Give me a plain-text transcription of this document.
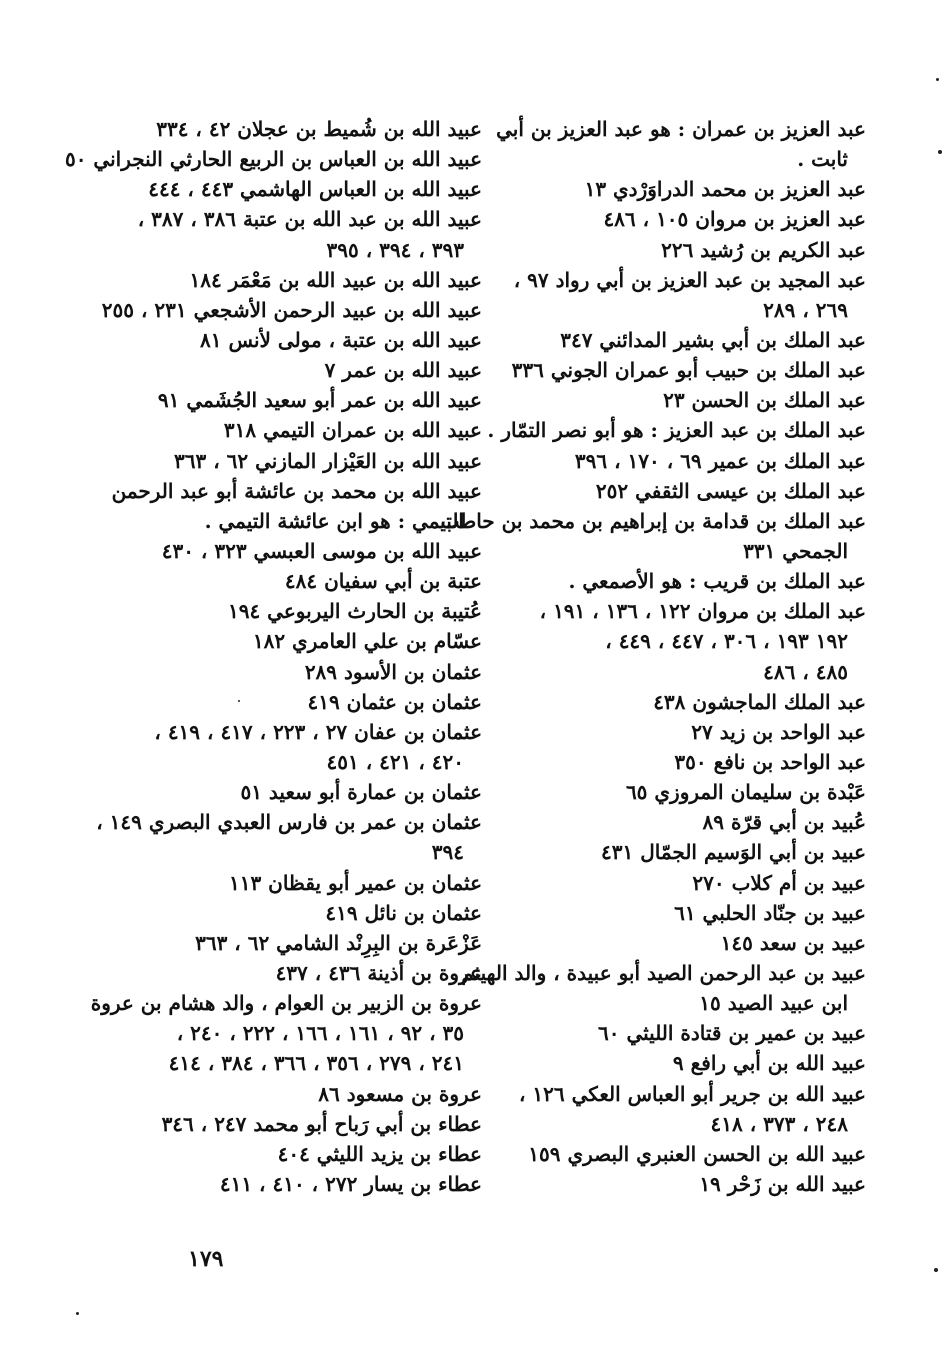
عبد العزيز بن عمران : هو عبد العزيز بن أبي
ثابت .
عبد العزيز بن محمد الدراوَرْدي ١٣
عبد العزيز بن مروان ١٠٥ ، ٤٨٦
عبد الكريم بن رُشيد ٢٢٦
عبد المجيد بن عبد العزيز بن أبي رواد ٩٧ ،
٢٦٩ ، ٢٨٩
عبد الملك بن أبي بشير المدائني ٣٤٧
عبد الملك بن حبيب أبو عمران الجوني ٣٣٦
عبد الملك بن الحسن ٢٣
عبد الملك بن عبد العزيز : هو أبو نصر التمّار .
عبد الملك بن عمير ٦٩ ، ١٧٠ ، ٣٩٦
عبد الملك بن عيسى الثقفي ٢٥٢
عبد الملك بن قدامة بن إبراهيم بن محمد بن حاطب
الجمحي ٣٣١
عبد الملك بن قريب : هو الأصمعي .
عبد الملك بن مروان ١٢٢ ، ١٣٦ ، ١٩١ ،
١٩٢ ١٩٣ ، ٣٠٦ ، ٤٤٧ ، ٤٤٩ ،
٤٨٥ ، ٤٨٦
عبد الملك الماجشون ٤٣٨
عبد الواحد بن زيد ٢٧
عبد الواحد بن نافع ٣٥٠
عَبْدة بن سليمان المروزي ٦٥
عُبيد بن أبي قرّة ٨٩
عبيد بن أبي الوَسيم الجمّال ٤٣١
عبيد بن أم كلاب ٢٧٠
عبيد بن جنّاد الحلبي ٦١
عبيد بن سعد ١٤٥
عبيد بن عبد الرحمن الصيد أبو عبيدة ، والد الهيثم
ابن عبيد الصيد ١٥
عبيد بن عمير بن قتادة الليثي ٦٠
عبيد الله بن أبي رافع ٩
عبيد الله بن جرير أبو العباس العكي ١٢٦ ،
٢٤٨ ، ٣٧٣ ، ٤١٨
عبيد الله بن الحسن العنبري البصري ١٥٩
عبيد الله بن زَحْر ١٩
عبيد الله بن شُميط بن عجلان ٤٢ ، ٣٣٤
عبيد الله بن العباس بن الربيع الحارثي النجراني ٥٠
عبيد الله بن العباس الهاشمي ٤٤٣ ، ٤٤٤
عبيد الله بن عبد الله بن عتبة ٣٨٦ ، ٣٨٧ ،
٣٩٣ ، ٣٩٤ ، ٣٩٥
عبيد الله بن عبيد الله بن مَعْمَر ١٨٤
عبيد الله بن عبيد الرحمن الأشجعي ٢٣١ ، ٢٥٥
عبيد الله بن عتبة ، مولى لأنس ٨١
عبيد الله بن عمر ٧
عبيد الله بن عمر أبو سعيد الجُشَمي ٩١
عبيد الله بن عمران التيمي ٣١٨
عبيد الله بن العَيْزار المازني ٦٢ ، ٣٦٣
عبيد الله بن محمد بن عائشة أبو عبد الرحمن
التيمي : هو ابن عائشة التيمي .
عبيد الله بن موسى العبسي ٣٢٣ ، ٤٣٠
عتبة بن أبي سفيان ٤٨٤
عُتيبة بن الحارث اليربوعي ١٩٤
عسّام بن علي العامري ١٨٢
عثمان بن الأسود ٢٨٩
عثمان بن عثمان ٤١٩
عثمان بن عفان ٢٧ ، ٢٢٣ ، ٤١٧ ، ٤١٩ ،
٤٢٠ ، ٤٢١ ، ٤٥١
عثمان بن عمارة أبو سعيد ٥١
عثمان بن عمر بن فارس العبدي البصري ١٤٩ ،
٣٩٤
عثمان بن عمير أبو يقظان ١١٣
عثمان بن نائل ٤١٩
عَزْعَرة بن البِرِنْد الشامي ٦٢ ، ٣٦٣
عروة بن أذينة ٤٣٦ ، ٤٣٧
عروة بن الزبير بن العوام ، والد هشام بن عروة
٣٥ ، ٩٢ ، ١٦١ ، ١٦٦ ، ٢٢٢ ، ٢٤٠ ،
٢٤١ ، ٢٧٩ ، ٣٥٦ ، ٣٦٦ ، ٣٨٤ ، ٤١٤
عروة بن مسعود ٨٦
عطاء بن أبي رَباح أبو محمد ٢٤٧ ، ٣٤٦
عطاء بن يزيد الليثي ٤٠٤
عطاء بن يسار ٢٧٢ ، ٤١٠ ، ٤١١
١٧٩
